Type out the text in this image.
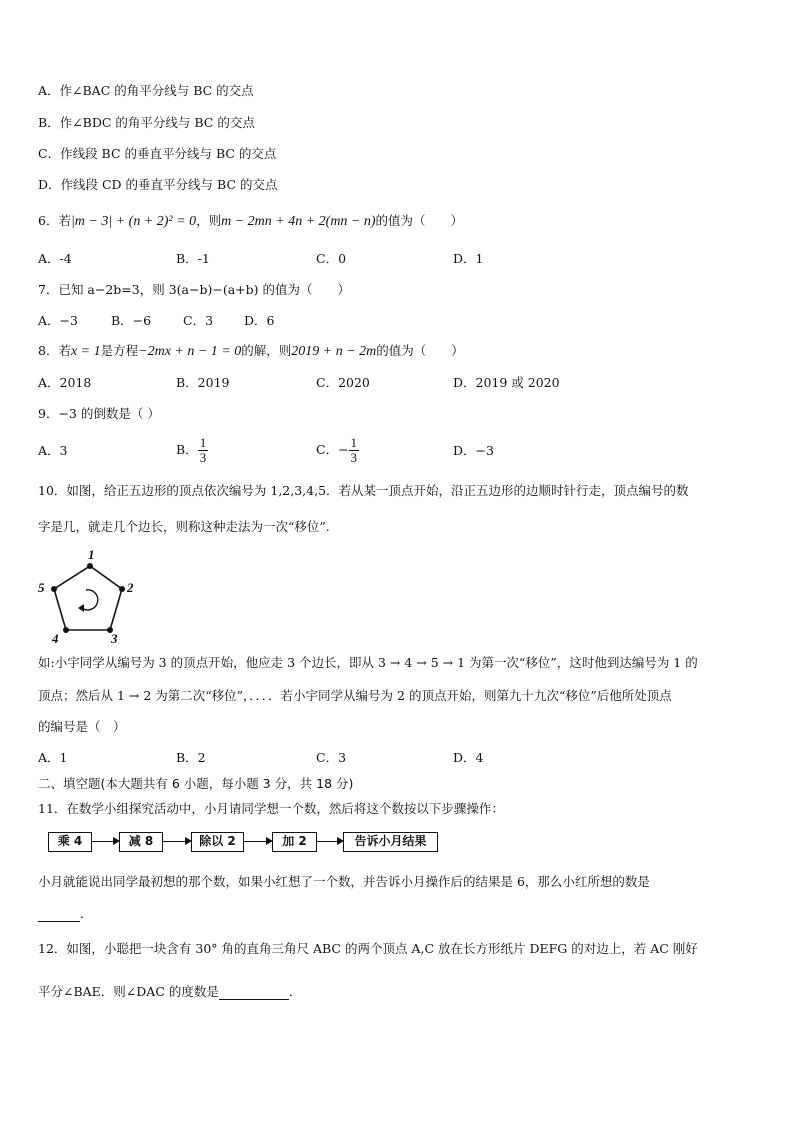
A．作∠BAC 的角平分线与 BC 的交点
B．作∠BDC 的角平分线与 BC 的交点
C．作线段 BC 的垂直平分线与 BC 的交点
D．作线段 CD 的垂直平分线与 BC 的交点
6．若|m − 3| + (n + 2)² = 0，则m − 2mn + 4n + 2(mn − n)的值为（　　）
A．-4	B．-1	C．0	D．1
7．已知 a−2b=3，则 3(a−b)−(a+b) 的值为（　　）
A．−3	B．−6	C．3 D．6
8．若x = 1是方程−2mx + n − 1 = 0的解，则2019 + n − 2m的值为（　　）
A．2018	B．2019	C．2020	D．2019 或 2020
9．−3 的倒数是（ ）
A．3	B． $\frac{1}{3}$	C．− $\frac{1}{3}$	D．−3
10．如图，给正五边形的顶点依次编号为 1,2,3,4,5．若从某一顶点开始，沿正五边形的边顺时针行走，顶点编号的数
字是几，就走几个边长，则称这种走法为一次“移位”.
1
2
3
4
5
如:小宇同学从编号为 3 的顶点开始，他应走 3 个边长，即从 3 → 4 → 5 → 1 为第一次“移位”，这时他到达编号为 1 的
顶点；然后从 1 → 2 为第二次“移位”，．．．．若小宇同学从编号为 2 的顶点开始，则第九十九次“移位”后他所处顶点
的编号是（　）
A．1	B．2	C．3	D．4
二、填空题(本大题共有 6 小题，每小题 3 分，共 18 分)
11．在数学小组探究活动中，小月请同学想一个数，然后将这个数按以下步骤操作：
乘 4	减 8	除以 2	加 2	告诉小月结果
小月就能说出同学最初想的那个数，如果小红想了一个数，并告诉小月操作后的结果是 6，那么小红所想的数是
．
12．如图，小聪把一块含有 30° 角的直角三角尺 ABC 的两个顶点 A,C 放在长方形纸片 DEFG 的对边上，若 AC 刚好
平分∠BAE．则∠DAC 的度数是	．
